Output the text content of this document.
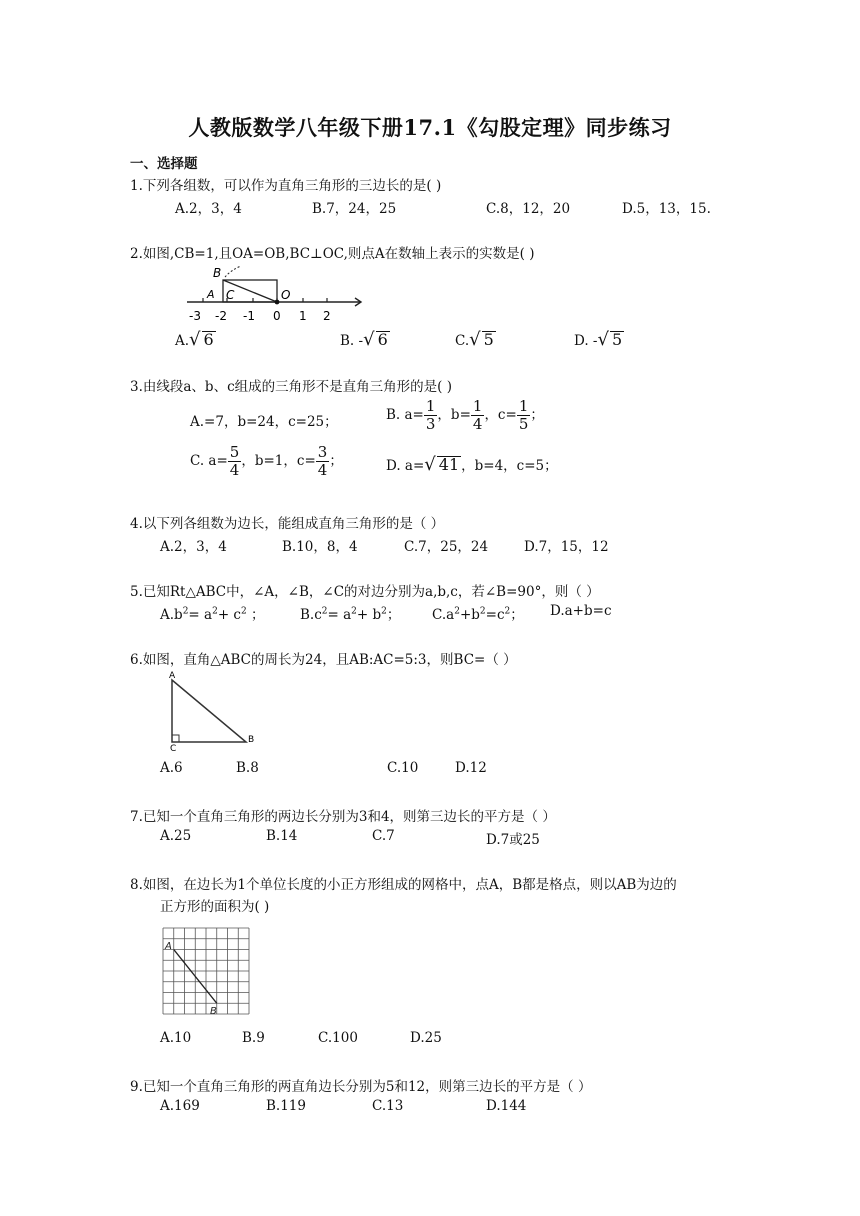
人教版数学八年级下册17.1《勾股定理》同步练习
一、选择题
1.下列各组数，可以作为直角三角形的三边长的是( )
A.2，3，4	B.7，24，25	C.8，12，20	D.5，13，15.
2.如图,CB=1,且OA=OB,BC⊥OC,则点A在数轴上表示的实数是( )
B
A C	O
-3 -2 -1 0 1 2
A.√ 6	B. -√ 6	C.√ 5	D. -√ 5
3.由线段a、b、c组成的三角形不是直角三角形的是( )
A.=7，b=24，c=25；	B. $a= \frac{1}{3}$ ，$b= \frac{1}{4}$ ，$c= \frac{1}{5}$ ；
C. $a= \frac{5}{4}$ ，b=1，$c= \frac{3}{4}$ ；	D. a=√ 41 ，b=4，c=5；
4.以下列各组数为边长，能组成直角三角形的是（ ）
A.2，3，4	B.10，8，4	C.7，25，24	D.7，15，12
5.已知Rt△ABC中，∠A，∠B，∠C的对边分别为a,b,c，若∠B=90°，则（ ）
$A.b^2= a^2+ c^2$ ；	$B.c^2= a^2+ b^2$； $C.a^2+b^2=c^2$； D.a+b=c
6.如图，直角△ABC的周长为24，且AB:AC=5:3，则BC=（ ）
A
B
C
A.6	B.8	C.10	D.12
7.已知一个直角三角形的两边长分别为3和4，则第三边长的平方是（ ）
A.25	B.14	C.7	D.7或25
8.如图，在边长为1个单位长度的小正方形组成的网格中，点A，B都是格点，则以AB为边的
正方形的面积为( )
A
B
A.10	B.9	C.100	D.25
9.已知一个直角三角形的两直角边长分别为5和12，则第三边长的平方是（ ）
A.169	B.119	C.13	D.144
